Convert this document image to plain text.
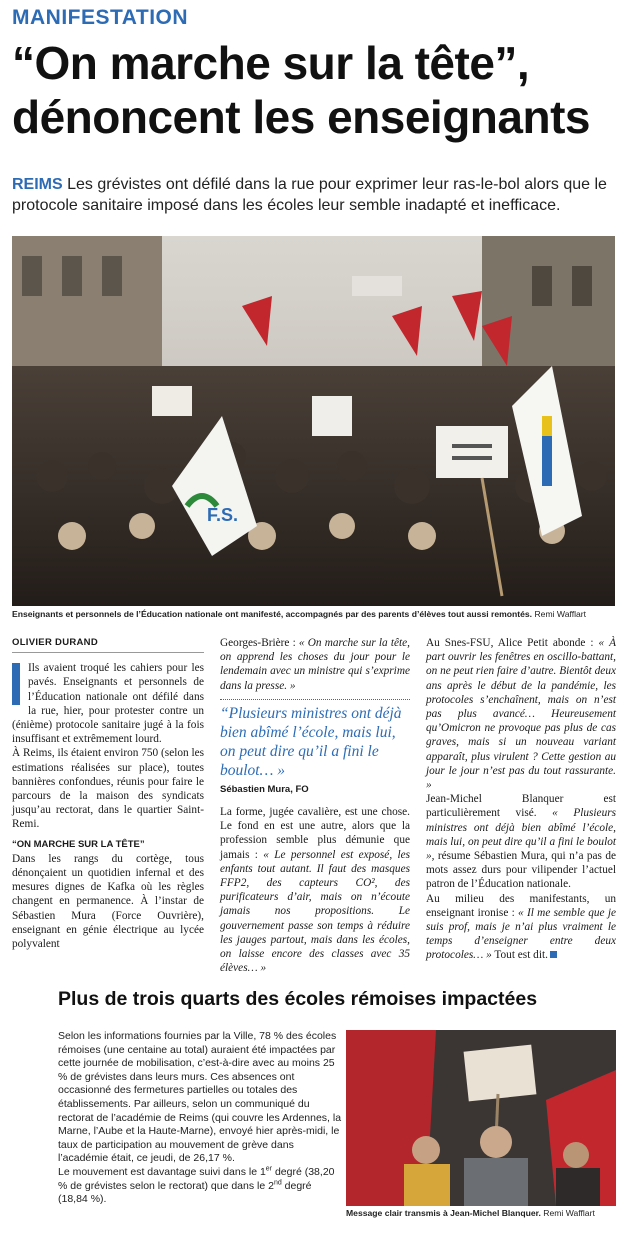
MANIFESTATION
“On marche sur la tête”, dénoncent les enseignants

REIMS Les grévistes ont défilé dans la rue pour exprimer leur ras-le-bol alors que le protocole sanitaire imposé dans les écoles leur semble inadapté et inefficace.

F.S.
Enseignants et personnels de l’Éducation nationale ont manifesté, accompagnés par des parents d’élèves tout aussi remontés. Remi Wafflart
OLIVIER DURAND

Ils avaient troqué les cahiers pour les pavés. Enseignants et personnels de l’Éducation nationale ont défilé dans la rue, hier, pour protester contre un (énième) protocole sanitaire jugé à la fois insuffisant et extrêmement lourd.

À Reims, ils étaient environ 750 (selon les estimations réalisées sur place), toutes bannières confondues, réunis pour faire le parcours de la maison des syndicats jusqu’au rectorat, dans le quartier Saint-Remi.

“ON MARCHE SUR LA TÊTE”

Dans les rangs du cortège, tous dénonçaient un quotidien infernal et des mesures dignes de Kafka où les règles changent en permanence. À l’instar de Sébastien Mura (Force Ouvrière), enseignant en génie électrique au lycée polyvalent

Georges-Brière : « On marche sur la tête, on apprend les choses du jour pour le lendemain avec un ministre qui s’exprime dans la presse. »

“Plusieurs ministres ont déjà bien abîmé l’école, mais lui, on peut dire qu’il a fini le boulot… »
Sébastien Mura, FO

La forme, jugée cavalière, est une chose. Le fond en est une autre, alors que la profession semble plus démunie que jamais : « Le personnel est exposé, les enfants tout autant. Il faut des masques FFP2, des capteurs CO², des purificateurs d’air, mais on n’écoute jamais nos propositions. Le gouvernement passe son temps à réduire les jauges partout, mais dans les écoles, on laisse encore des classes avec 35 élèves… »

Au Snes-FSU, Alice Petit abonde : « À part ouvrir les fenêtres en oscillo-battant, on ne peut rien faire d’autre. Bientôt deux ans après le début de la pandémie, les protocoles s’enchaînent, mais on n’est pas plus avancé… Heureusement qu’Omicron ne provoque pas plus de cas graves, mais si un nouveau variant apparaît, plus virulent ? Cette gestion au jour le jour n’est pas du tout rassurante. »

Jean-Michel Blanquer est particulièrement visé. « Plusieurs ministres ont déjà bien abîmé l’école, mais lui, on peut dire qu’il a fini le boulot », résume Sébastien Mura, qui n’a pas de mots assez durs pour vilipender l’actuel patron de l’Éducation nationale.

Au milieu des manifestants, un enseignant ironise : « Il me semble que je suis prof, mais je n’ai plus vraiment le temps d’enseigner entre deux protocoles… » Tout est dit.

Plus de trois quarts des écoles rémoises impactées

Selon les informations fournies par la Ville, 78 % des écoles rémoises (une centaine au total) auraient été impactées par cette journée de mobilisation, c’est-à-dire avec au moins 25 % de grévistes dans leurs murs. Ces absences ont occasionné des fermetures partielles ou totales des établissements. Par ailleurs, selon un communiqué du rectorat de l’académie de Reims (qui couvre les Ardennes, la Marne, l’Aube et la Haute-Marne), envoyé hier après-midi, le taux de participation au mouvement de grève dans l’académie était, ce jeudi, de 26,17 %.

Le mouvement est davantage suivi dans le 1er degré (38,20 % de grévistes selon le rectorat) que dans le 2nd degré (18,84 %).

Message clair transmis à Jean-Michel Blanquer. Remi Wafflart
